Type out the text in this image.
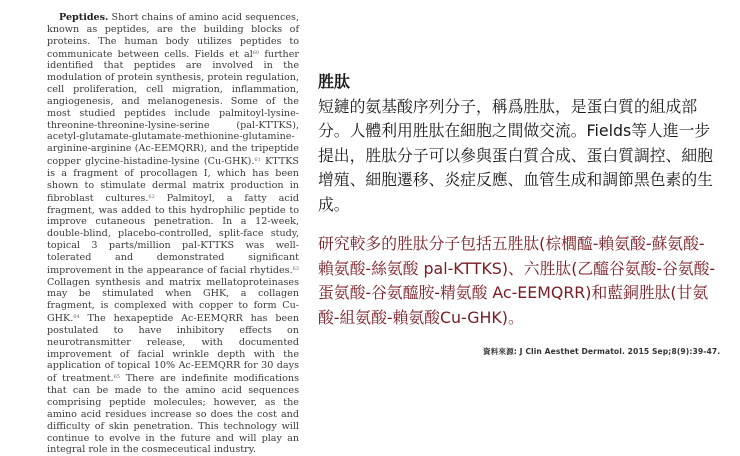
Peptides. Short chains of amino acid sequences, known as peptides, are the building blocks of proteins. The human body utilizes peptides to communicate between cells. Fields et $al^{60}$ further identified that peptides are involved in the modulation of protein synthesis, protein regulation, cell proliferation, cell migration, inflammation, angiogenesis, and melanogenesis. Some of the most studied peptides include palmitoyl-lysine-threonine-threonine-lysine-serine (pal-KTTKS), acetyl-glutamate-glutamate-methionine-glutamine-arginine-arginine (Ac-EEMQRR), and the tripeptide copper glycine-histadine-lysine (Cu-GHK).$^{61}$ KTTKS is a fragment of procollagen I, which has been shown to stimulate dermal matrix production in fibroblast cultures.$^{62}$ Palmitoyl, a fatty acid fragment, was added to this hydrophilic peptide to improve cutaneous penetration. In a 12-week, double-blind, placebo-controlled, split-face study, topical 3 parts/million pal-KTTKS was well-tolerated and demonstrated significant improvement in the appearance of facial rhytides.$^{63}$ Collagen synthesis and matrix mellatoproteinases may be stimulated when GHK, a collagen fragment, is complexed with copper to form Cu-GHK.$^{64}$ The hexapeptide Ac-EEMQRR has been postulated to have inhibitory effects on neurotransmitter release, with documented improvement of facial wrinkle depth with the application of topical 10% Ac-EEMQRR for 30 days of treatment.$^{65}$ There are indefinite modifications that can be made to the amino acid sequences comprising peptide molecules; however, as the amino acid residues increase so does the cost and difficulty of skin penetration. This technology will continue to evolve in the future and will play an integral role in the cosmeceutical industry.
胜肽
短鏈的氨基酸序列分子，稱爲胜肽，是蛋白質的組成部分。人體利用胜肽在細胞之間做交流。Fields等人進一步提出，胜肽分子可以參與蛋白質合成、蛋白質調控、細胞增殖、細胞遷移、炎症反應、血管生成和調節黑色素的生成。
研究較多的胜肽分子包括五胜肽(棕櫚醯-賴氨酸-蘇氨酸-賴氨酸-絲氨酸 pal-KTTKS)、六胜肽(乙醯谷氨酸-谷氨酸-蛋氨酸-谷氨醯胺-精氨酸 Ac-EEMQRR)和藍銅胜肽(甘氨酸-組氨酸-賴氨酸Cu-GHK)。
資料來源: J Clin Aesthet Dermatol. 2015 Sep;8(9):39-47.
